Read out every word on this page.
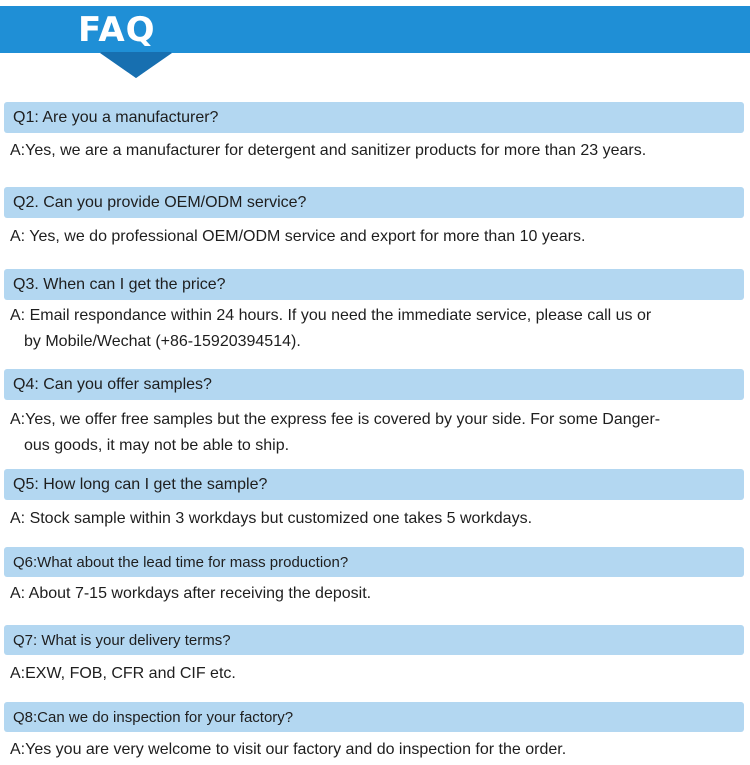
FAQ
Q1: Are you a manufacturer?
A:Yes, we are a manufacturer for detergent and sanitizer products for more than 23 years.
Q2. Can you provide OEM/ODM service?
A: Yes, we do professional OEM/ODM service and export for more than 10 years.
Q3. When can I get the price?
A: Email respondance within 24 hours. If you need the immediate service, please call us or
by Mobile/Wechat (+86-15920394514).
Q4: Can you offer samples?
A:Yes, we offer free samples but the express fee is covered by your side. For some Danger-
ous goods, it may not be able to ship.
Q5: How long can I get the sample?
A: Stock sample within 3 workdays but customized one takes 5 workdays.
Q6:What about the lead time for mass production?
A: About 7-15 workdays after receiving the deposit.
Q7: What is your delivery terms?
A:EXW, FOB, CFR and CIF etc.
Q8:Can we do inspection for your factory?
A:Yes you are very welcome to visit our factory and do inspection for the order.
